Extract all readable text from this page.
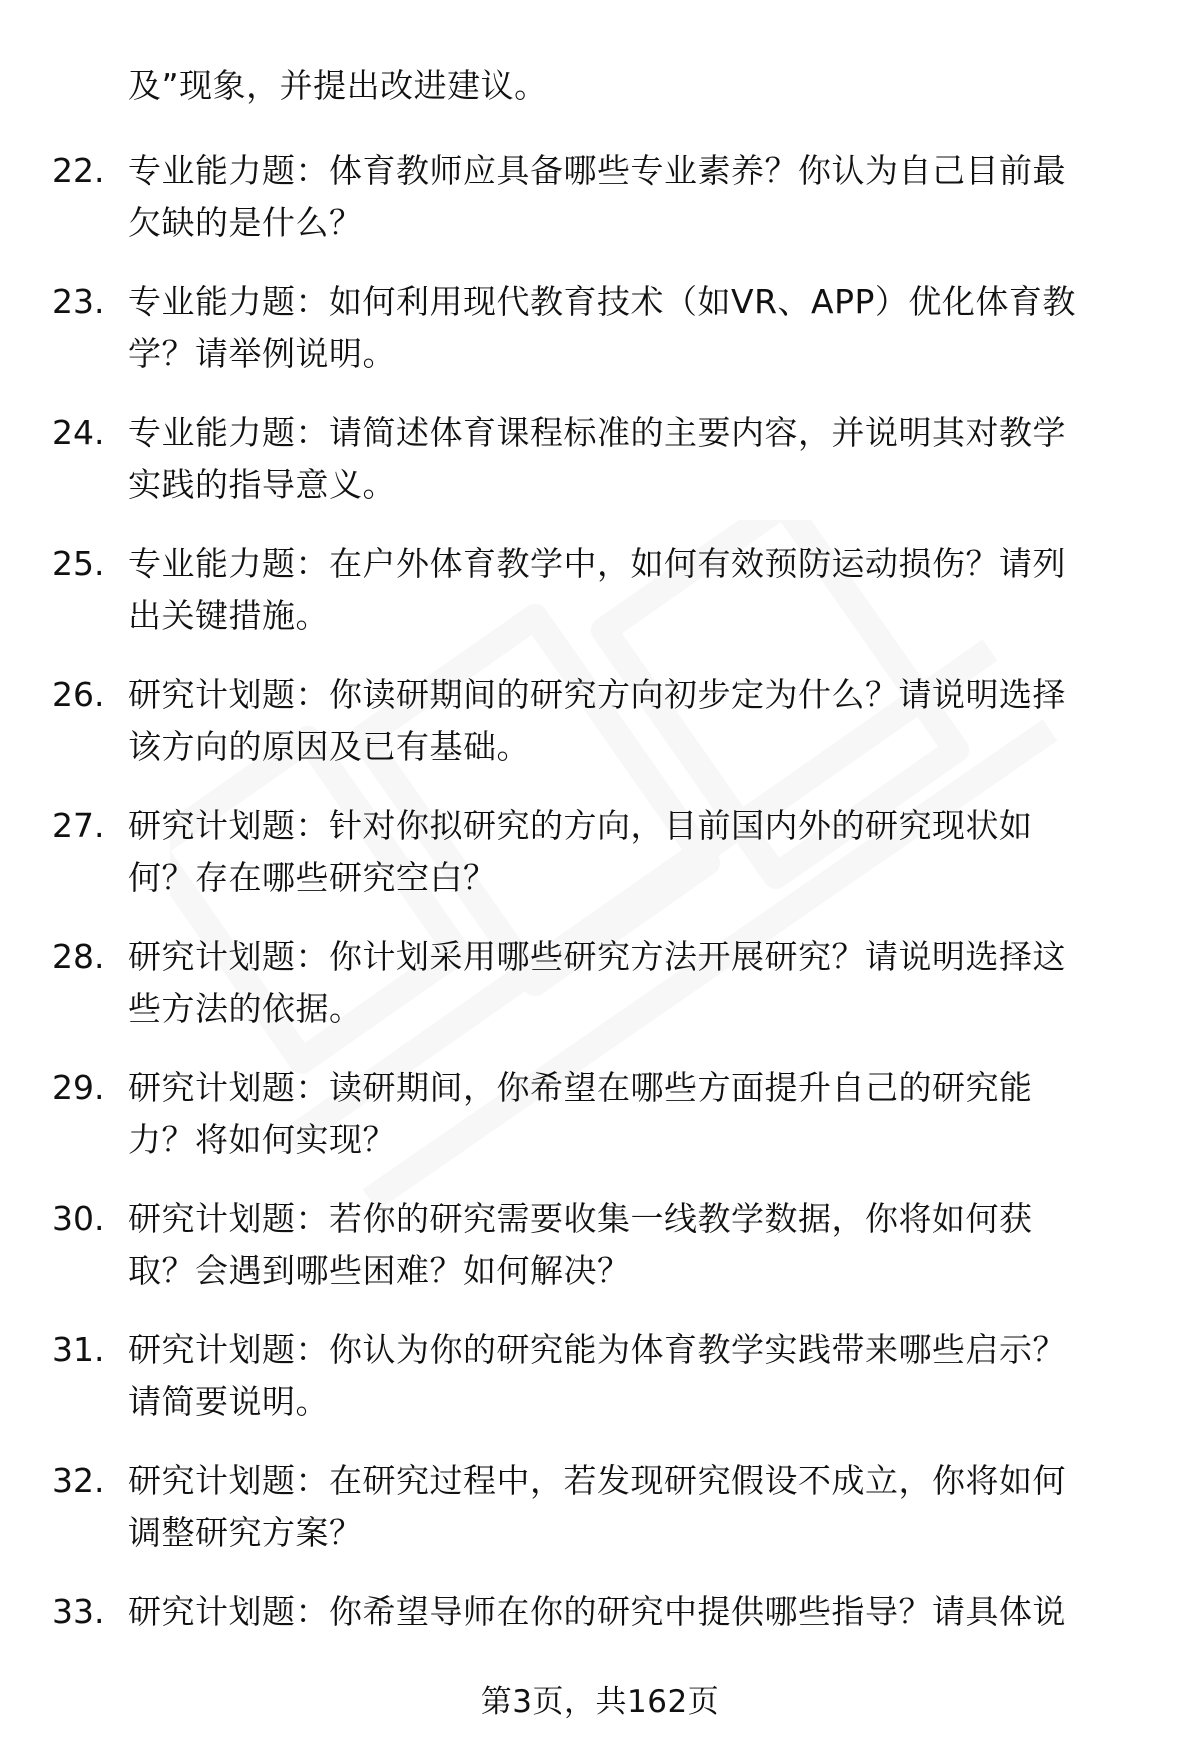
及”现象，并提出改进建议。
22. 专业能力题：体育教师应具备哪些专业素养？你认为自己目前最
欠缺的是什么？
23. 专业能力题：如何利用现代教育技术（如VR、APP）优化体育教
学？请举例说明。
24. 专业能力题：请简述体育课程标准的主要内容，并说明其对教学
实践的指导意义。
25. 专业能力题：在户外体育教学中，如何有效预防运动损伤？请列
出关键措施。
26. 研究计划题：你读研期间的研究方向初步定为什么？请说明选择
该方向的原因及已有基础。
27. 研究计划题：针对你拟研究的方向，目前国内外的研究现状如
何？存在哪些研究空白？
28. 研究计划题：你计划采用哪些研究方法开展研究？请说明选择这
些方法的依据。
29. 研究计划题：读研期间，你希望在哪些方面提升自己的研究能
力？将如何实现？
30. 研究计划题：若你的研究需要收集一线教学数据，你将如何获
取？会遇到哪些困难？如何解决？
31. 研究计划题：你认为你的研究能为体育教学实践带来哪些启示？
请简要说明。
32. 研究计划题：在研究过程中，若发现研究假设不成立，你将如何
调整研究方案？
33. 研究计划题：你希望导师在你的研究中提供哪些指导？请具体说
第3页，共162页
